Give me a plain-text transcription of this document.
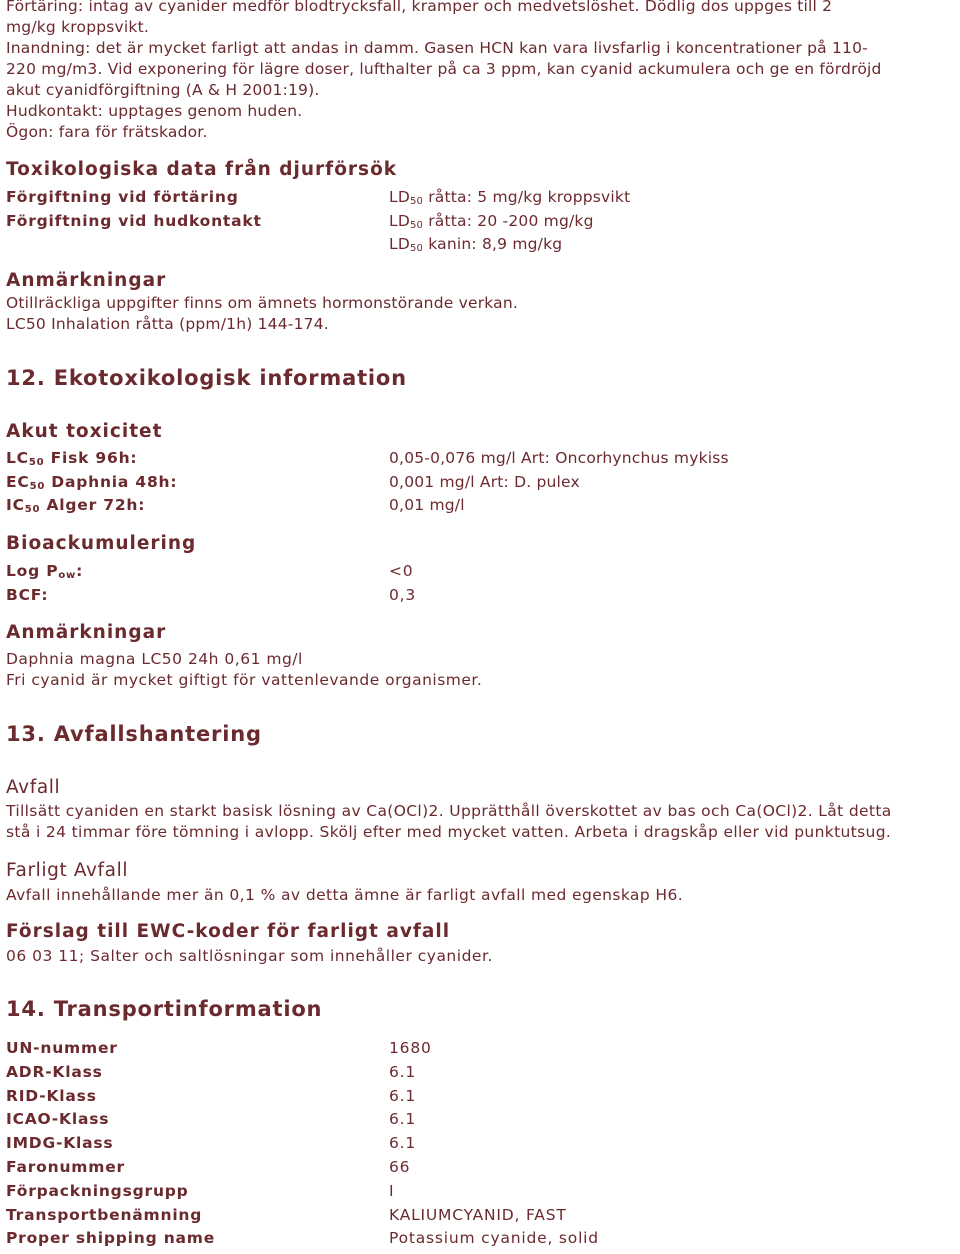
Förtäring: intag av cyanider medför blodtrycksfall, kramper och medvetslöshet. Dödlig dos uppges till 2

mg/kg kroppsvikt.

Inandning: det är mycket farligt att andas in damm. Gasen HCN kan vara livsfarlig i koncentrationer på 110-

220 mg/m3. Vid exponering för lägre doser, lufthalter på ca 3 ppm, kan cyanid ackumulera och ge en fördröjd

akut cyanidförgiftning (A & H 2001:19).

Hudkontakt: upptages genom huden.

Ögon: fara för frätskador.

Toxikologiska data från djurförsök
Förgiftning vid förtäring	$LD_{50}$ råtta: 5 mg/kg kroppsvikt
Förgiftning vid hudkontakt	$LD_{50}$ råtta: 20 -200 mg/kg
$LD_{50}$ kanin: 8,9 mg/kg
Anmärkningar

Otillräckliga uppgifter finns om ämnets hormonstörande verkan.

LC50 Inhalation råtta (ppm/1h) 144-174.

12. Ekotoxikologisk information
Akut toxicitet
$LC_{50}$ Fisk 96h:	0,05-0,076 mg/l Art: Oncorhynchus mykiss
$EC_{50}$ Daphnia 48h:	0,001 mg/l Art: D. pulex
$IC_{50}$ Alger 72h:	0,01 mg/l
Bioackumulering
Log $P_{ow}$:	<0
BCF:	0,3
Anmärkningar

Daphnia magna LC50 24h 0,61 mg/l

Fri cyanid är mycket giftigt för vattenlevande organismer.

13. Avfallshantering
Avfall

Tillsätt cyaniden en starkt basisk lösning av Ca(OCl)2. Upprätthåll överskottet av bas och Ca(OCl)2. Låt detta

stå i 24 timmar före tömning i avlopp. Skölj efter med mycket vatten. Arbeta i dragskåp eller vid punktutsug.

Farligt Avfall

Avfall innehållande mer än 0,1 % av detta ämne är farligt avfall med egenskap H6.

Förslag till EWC-koder för farligt avfall

06 03 11; Salter och saltlösningar som innehåller cyanider.

14. Transportinformation
UN-nummer	1680
ADR-Klass	6.1
RID-Klass	6.1
ICAO-Klass	6.1
IMDG-Klass	6.1
Faronummer	66
Förpackningsgrupp	I
Transportbenämning	KALIUMCYANID, FAST
Proper shipping name	Potassium cyanide, solid
